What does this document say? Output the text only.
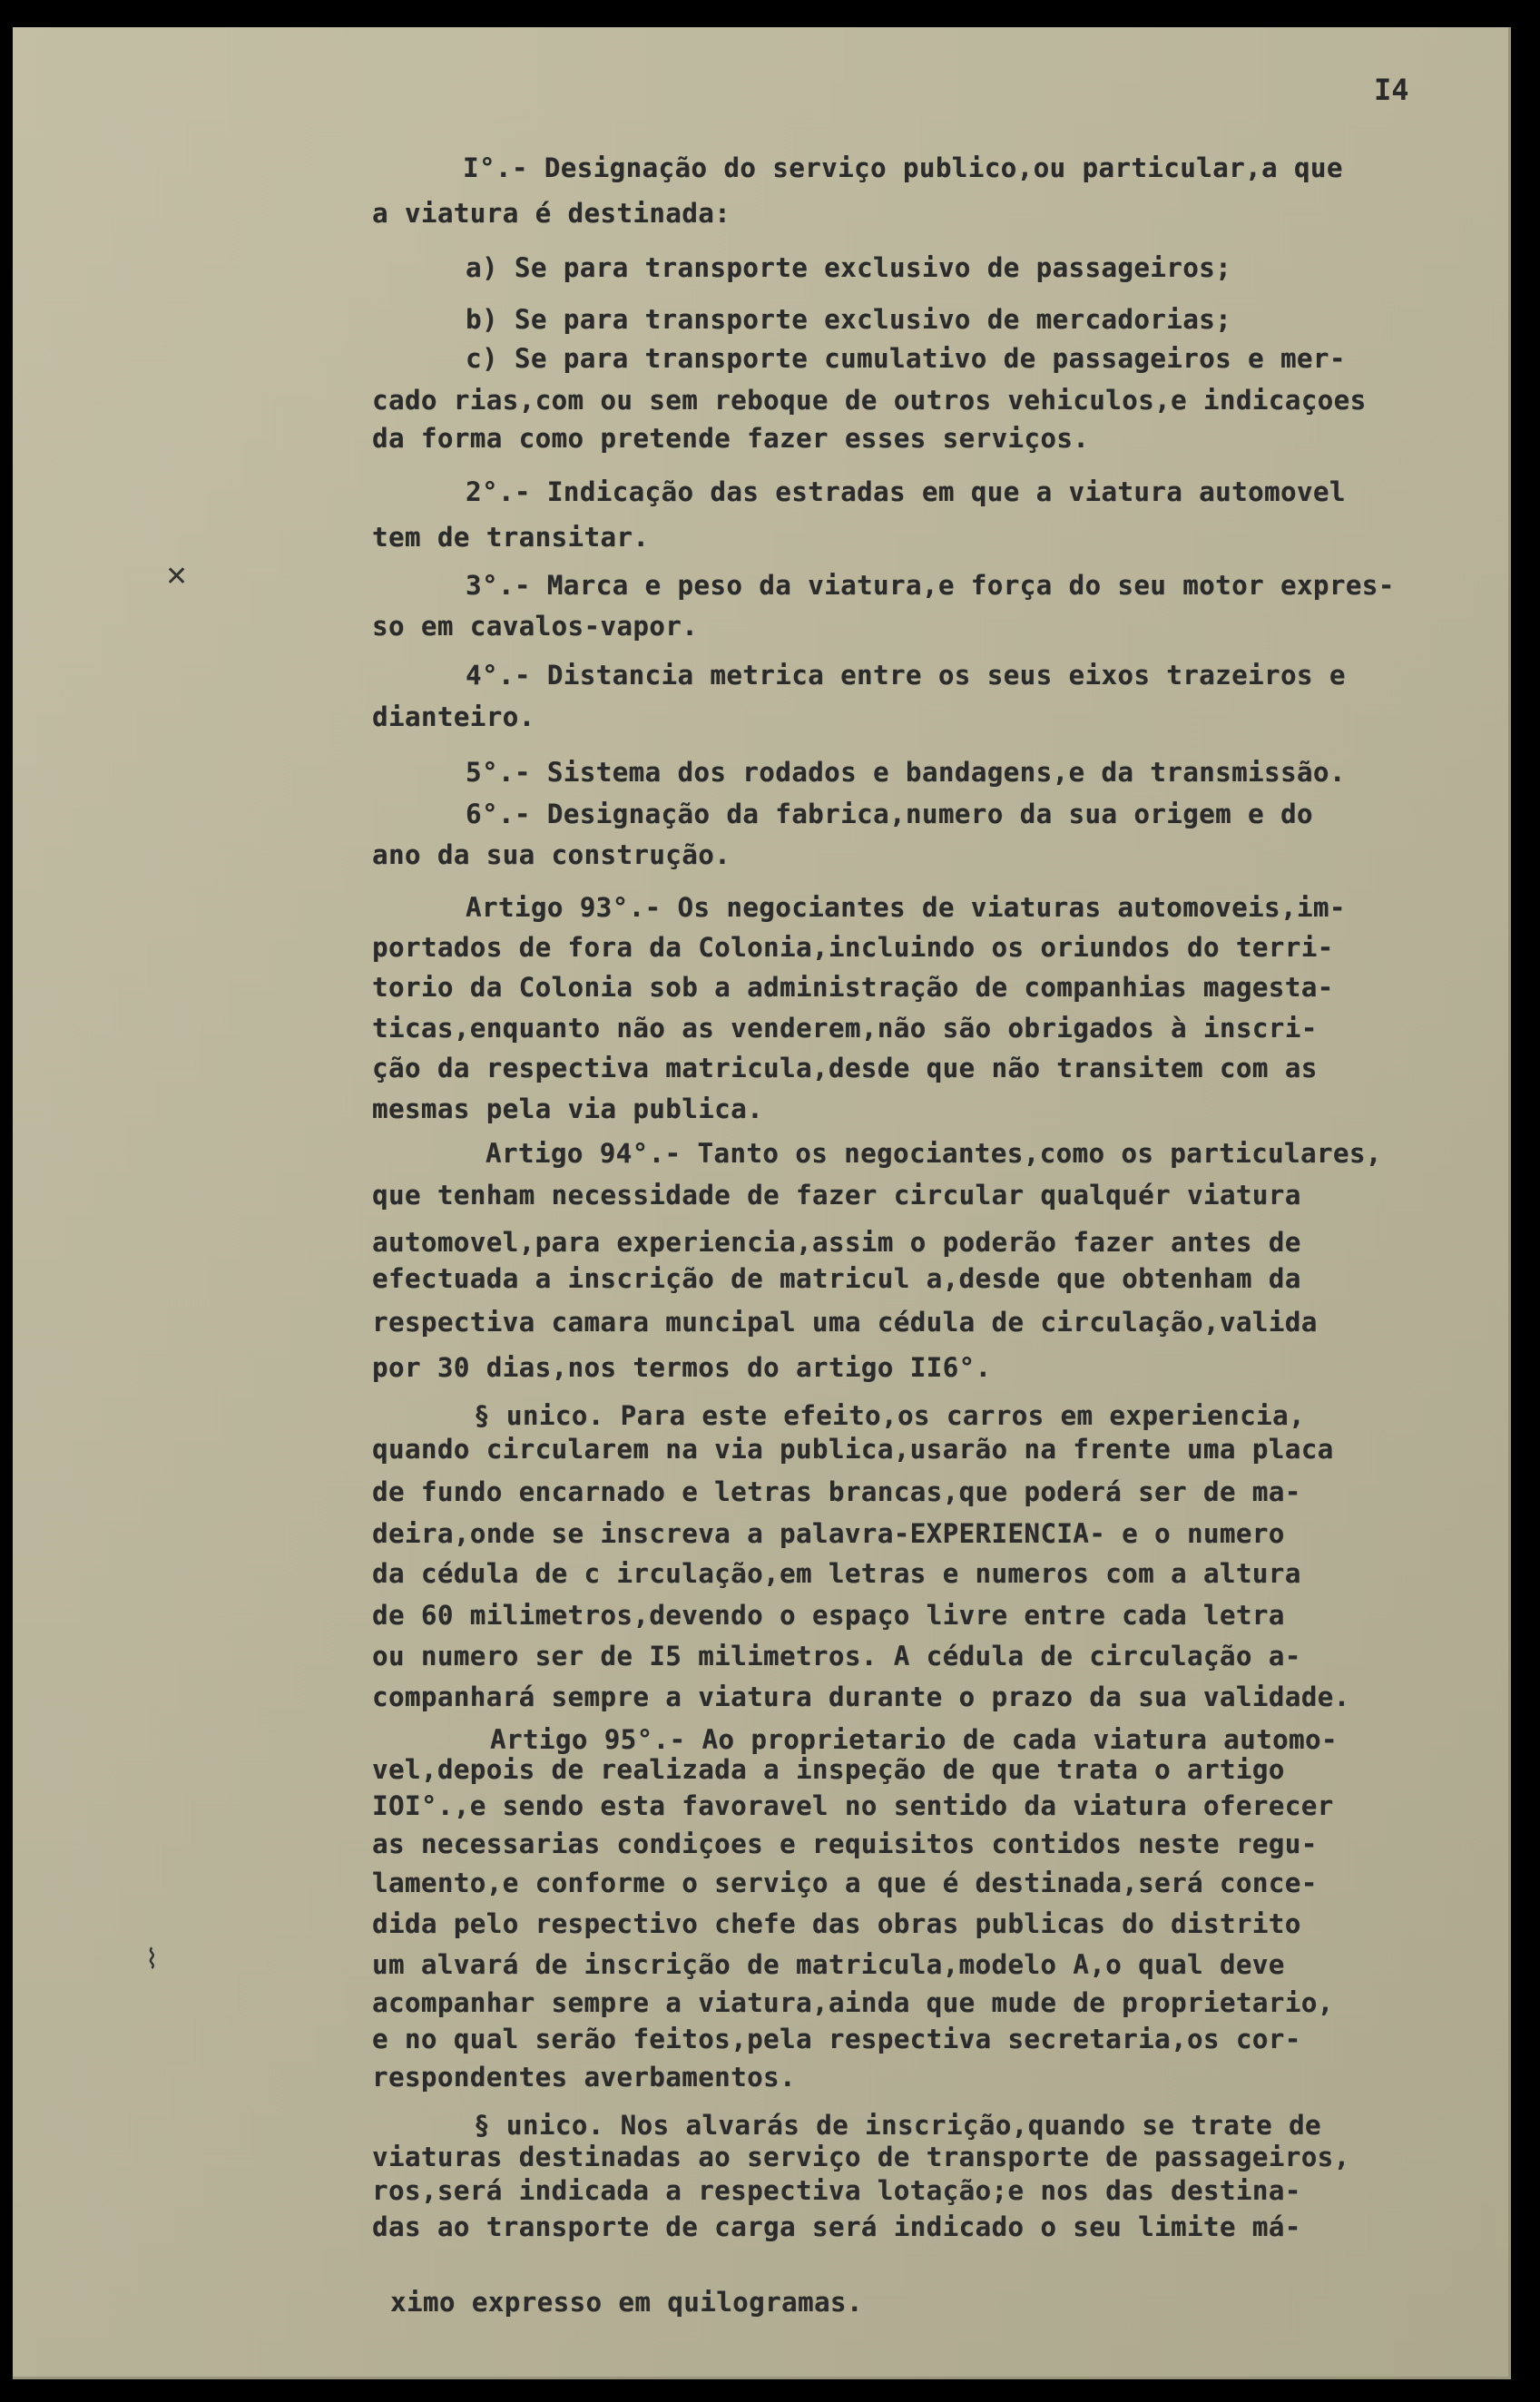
I4
I°.- Designação do serviço publico,ou particular,a que
a viatura é destinada:
a) Se para transporte exclusivo de passageiros;
b) Se para transporte exclusivo de mercadorias;
c) Se para transporte cumulativo de passageiros e mer-
cado rias,com ou sem reboque de outros vehiculos,e indicaçoes
da forma como pretende fazer esses serviços.
2°.- Indicação das estradas em que a viatura automovel
tem de transitar.
3°.- Marca e peso da viatura,e força do seu motor expres-
so em cavalos-vapor.
4°.- Distancia metrica entre os seus eixos trazeiros e
dianteiro.
5°.- Sistema dos rodados e bandagens,e da transmissão.
6°.- Designação da fabrica,numero da sua origem e do
ano da sua construção.
Artigo 93°.- Os negociantes de viaturas automoveis,im-
portados de fora da Colonia,incluindo os oriundos do terri-
torio da Colonia sob a administração de companhias magesta-
ticas,enquanto não as venderem,não são obrigados à inscri-
ção da respectiva matricula,desde que não transitem com as
mesmas pela via publica.
Artigo 94°.- Tanto os negociantes,como os particulares,
que tenham necessidade de fazer circular qualquér viatura
automovel,para experiencia,assim o poderão fazer antes de
efectuada a inscrição de matricul a,desde que obtenham da
respectiva camara muncipal uma cédula de circulação,valida
por 30 dias,nos termos do artigo II6°.
§ unico. Para este efeito,os carros em experiencia,
quando circularem na via publica,usarão na frente uma placa
de fundo encarnado e letras brancas,que poderá ser de ma-
deira,onde se inscreva a palavra-EXPERIENCIA- e o numero
da cédula de c irculação,em letras e numeros com a altura
de 60 milimetros,devendo o espaço livre entre cada letra
ou numero ser de I5 milimetros. A cédula de circulação a-
companhará sempre a viatura durante o prazo da sua validade.
Artigo 95°.- Ao proprietario de cada viatura automo-
vel,depois de realizada a inspeção de que trata o artigo
IOI°.,e sendo esta favoravel no sentido da viatura oferecer
as necessarias condiçoes e requisitos contidos neste regu-
lamento,e conforme o serviço a que é destinada,será conce-
dida pelo respectivo chefe das obras publicas do distrito
um alvará de inscrição de matricula,modelo A,o qual deve
acompanhar sempre a viatura,ainda que mude de proprietario,
e no qual serão feitos,pela respectiva secretaria,os cor-
respondentes averbamentos.
§ unico. Nos alvarás de inscrição,quando se trate de
viaturas destinadas ao serviço de transporte de passageiros,
ros,será indicada a respectiva lotação;e nos das destina-
das ao transporte de carga será indicado o seu limite má-
ximo expresso em quilogramas.
✕
⌇
